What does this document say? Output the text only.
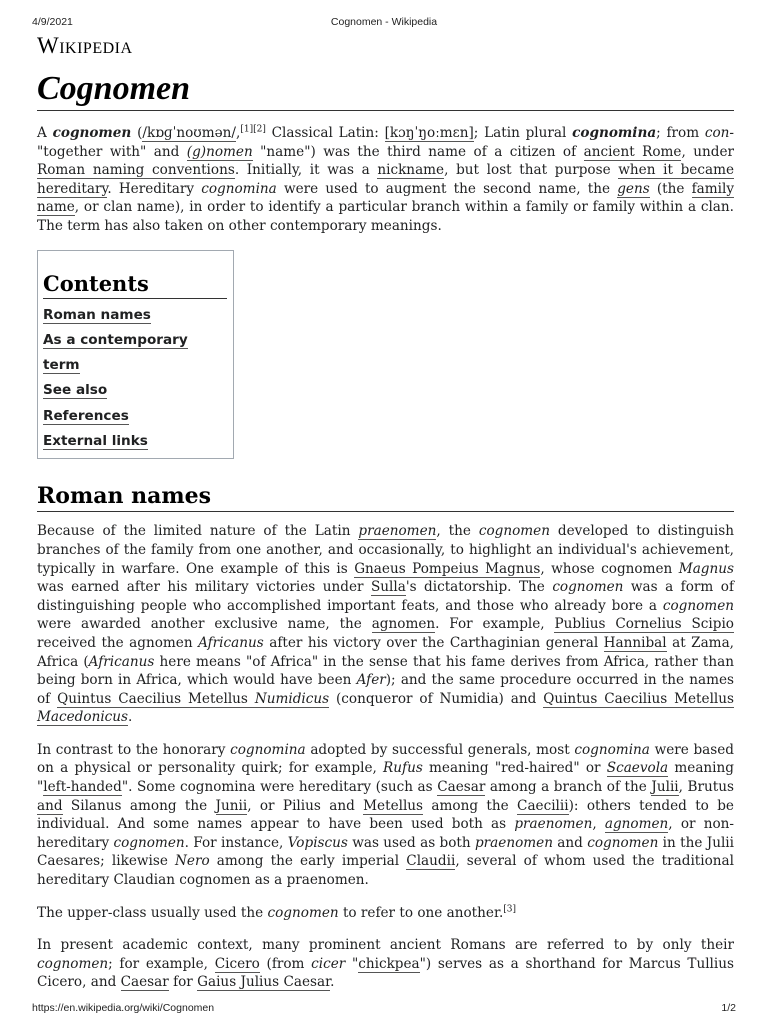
4/9/2021	Cognomen - Wikipedia
Wikipedia
Cognomen

A cognomen (/kɒɡˈnoʊmən/,[1][2] Classical Latin: [kɔŋˈŋoːmɛn]; Latin plural cognomina; from con- "together with" and (g)nomen "name") was the third name of a citizen of ancient Rome, under Roman naming conventions. Initially, it was a nickname, but lost that purpose when it became hereditary. Hereditary cognomina were used to augment the second name, the gens (the family name, or clan name), in order to identify a particular branch within a family or family within a clan. The term has also taken on other contemporary meanings.

Contents
Roman names
As a contemporary term
See also
References
External links
Roman names

Because of the limited nature of the Latin praenomen, the cognomen developed to distinguish branches of the family from one another, and occasionally, to highlight an individual's achievement, typically in warfare. One example of this is Gnaeus Pompeius Magnus, whose cognomen Magnus was earned after his military victories under Sulla's dictatorship. The cognomen was a form of distinguishing people who accomplished important feats, and those who already bore a cognomen were awarded another exclusive name, the agnomen. For example, Publius Cornelius Scipio received the agnomen Africanus after his victory over the Carthaginian general Hannibal at Zama, Africa (Africanus here means "of Africa" in the sense that his fame derives from Africa, rather than being born in Africa, which would have been Afer); and the same procedure occurred in the names of Quintus Caecilius Metellus Numidicus (conqueror of Numidia) and Quintus Caecilius Metellus Macedonicus.

In contrast to the honorary cognomina adopted by successful generals, most cognomina were based on a physical or personality quirk; for example, Rufus meaning "red-haired" or Scaevola meaning "left-handed". Some cognomina were hereditary (such as Caesar among a branch of the Julii, Brutus and Silanus among the Junii, or Pilius and Metellus among the Caecilii): others tended to be individual. And some names appear to have been used both as praenomen, agnomen, or non-hereditary cognomen. For instance, Vopiscus was used as both praenomen and cognomen in the Julii Caesares; likewise Nero among the early imperial Claudii, several of whom used the traditional hereditary Claudian cognomen as a praenomen.

The upper-class usually used the cognomen to refer to one another.[3]

In present academic context, many prominent ancient Romans are referred to by only their cognomen; for example, Cicero (from cicer "chickpea") serves as a shorthand for Marcus Tullius Cicero, and Caesar for Gaius Julius Caesar.

https://en.wikipedia.org/wiki/Cognomen	1/2
